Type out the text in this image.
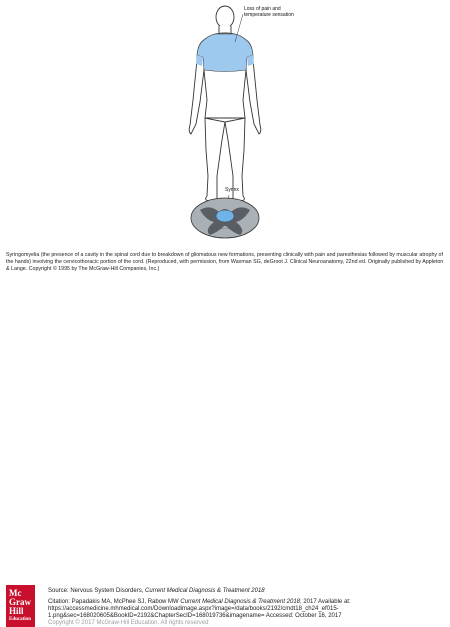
Source: Stephen G. Waxman
Loss of pain and temperature sensation
Syrinx
Syringomyelia (the presence of a cavity in the spinal cord due to breakdown of gliomatous new formations, presenting clinically with pain and paresthesias followed by muscular atrophy of the hands) involving the cervicothoracic portion of the cord. (Reproduced, with permission, from Waxman SG, deGroot J. Clinical Neuroanatomy, 22nd ed. Originally published by Appleton & Lange. Copyright © 1995 by The McGraw-Hill Companies, Inc.)
Mc
Graw
Hill
Education
Source: Nervous System Disorders, Current Medical Diagnosis & Treatment 2018
Citation: Papadakis MA, McPhee SJ, Rabow MW Current Medical Diagnosis & Treatment 2018; 2017 Available at: https://accessmedicine.mhmedical.com/Downloadimage.aspx?image=/data/books/2192/cmdt18_ch24_ef015-1.png&sec=168020605&BookID=2192&ChapterSecID=168019736&imagename= Accessed: October 16, 2017
Copyright © 2017 McGraw-Hill Education. All rights reserved
